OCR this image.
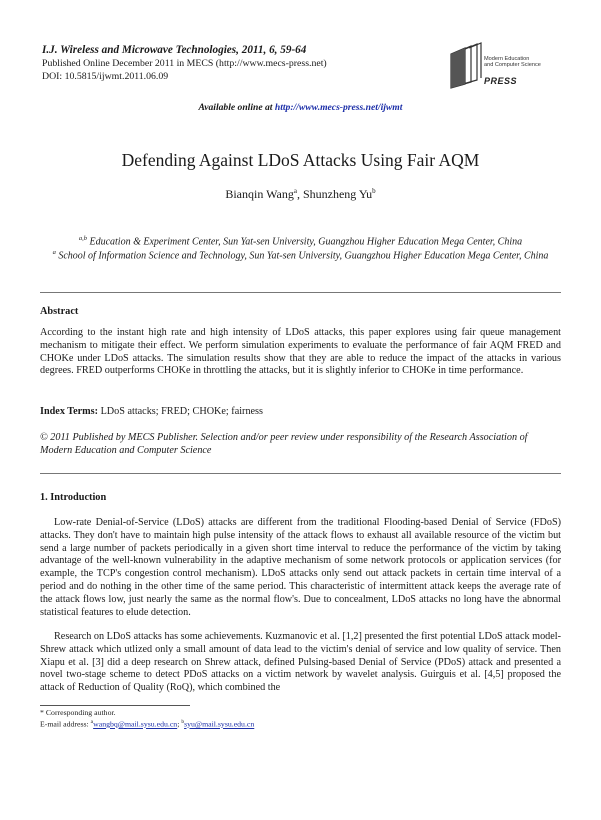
I.J. Wireless and Microwave Technologies, 2011, 6, 59-64
Published Online December 2011 in MECS (http://www.mecs-press.net)
DOI: 10.5815/ijwmt.2011.06.09
Modern Education
and Computer Science
PRESS
Available online at http://www.mecs-press.net/ijwmt
Defending Against LDoS Attacks Using Fair AQM
Bianqin Wang$^a$, Shunzheng Yu$^b$
$^{a,b}$ Education & Experiment Center, Sun Yat-sen University, Guangzhou Higher Education Mega Center, China
$^a$ School of Information Science and Technology, Sun Yat-sen University, Guangzhou Higher Education Mega Center, China
Abstract
According to the instant high rate and high intensity of LDoS attacks, this paper explores using fair queue management mechanism to mitigate their effect. We perform simulation experiments to evaluate the performance of fair AQM FRED and CHOKe under LDoS attacks. The simulation results show that they are able to reduce the impact of the attacks in various degrees. FRED outperforms CHOKe in throttling the attacks, but it is slightly inferior to CHOKe in time performance.
Index Terms: LDoS attacks; FRED; CHOKe; fairness
© 2011 Published by MECS Publisher. Selection and/or peer review under responsibility of the Research Association of Modern Education and Computer Science
1. Introduction
Low-rate Denial-of-Service (LDoS) attacks are different from the traditional Flooding-based Denial of Service (FDoS) attacks. They don't have to maintain high pulse intensity of the attack flows to exhaust all available resource of the victim but send a large number of packets periodically in a given short time interval to reduce the performance of the victim by taking advantage of the well-known vulnerability in the adaptive mechanism of some network protocols or application services (for example, the TCP's congestion control mechanism). LDoS attacks only send out attack packets in certain time interval of a period and do nothing in the other time of the same period. This characteristic of intermittent attack keeps the average rate of the attack flows low, just nearly the same as the normal flow's. Due to concealment, LDoS attacks no long have the abnormal statistical features to elude detection.
Research on LDoS attacks has some achievements. Kuzmanovic et al. [1,2] presented the first potential LDoS attack model-Shrew attack which utlized only a small amount of data lead to the victim's denial of service and low quality of service. Then Xiapu et al. [3] did a deep research on Shrew attack, defined Pulsing-based Denial of Service (PDoS) attack and presented a novel two-stage scheme to detect PDoS attacks on a victim network by wavelet analysis. Guirguis et al. [4,5] proposed the attack of Reduction of Quality (RoQ), which combined the
* Corresponding author.
E-mail address: $^a$wangbq@mail.sysu.edu.cn; $^b$syu@mail.sysu.edu.cn
